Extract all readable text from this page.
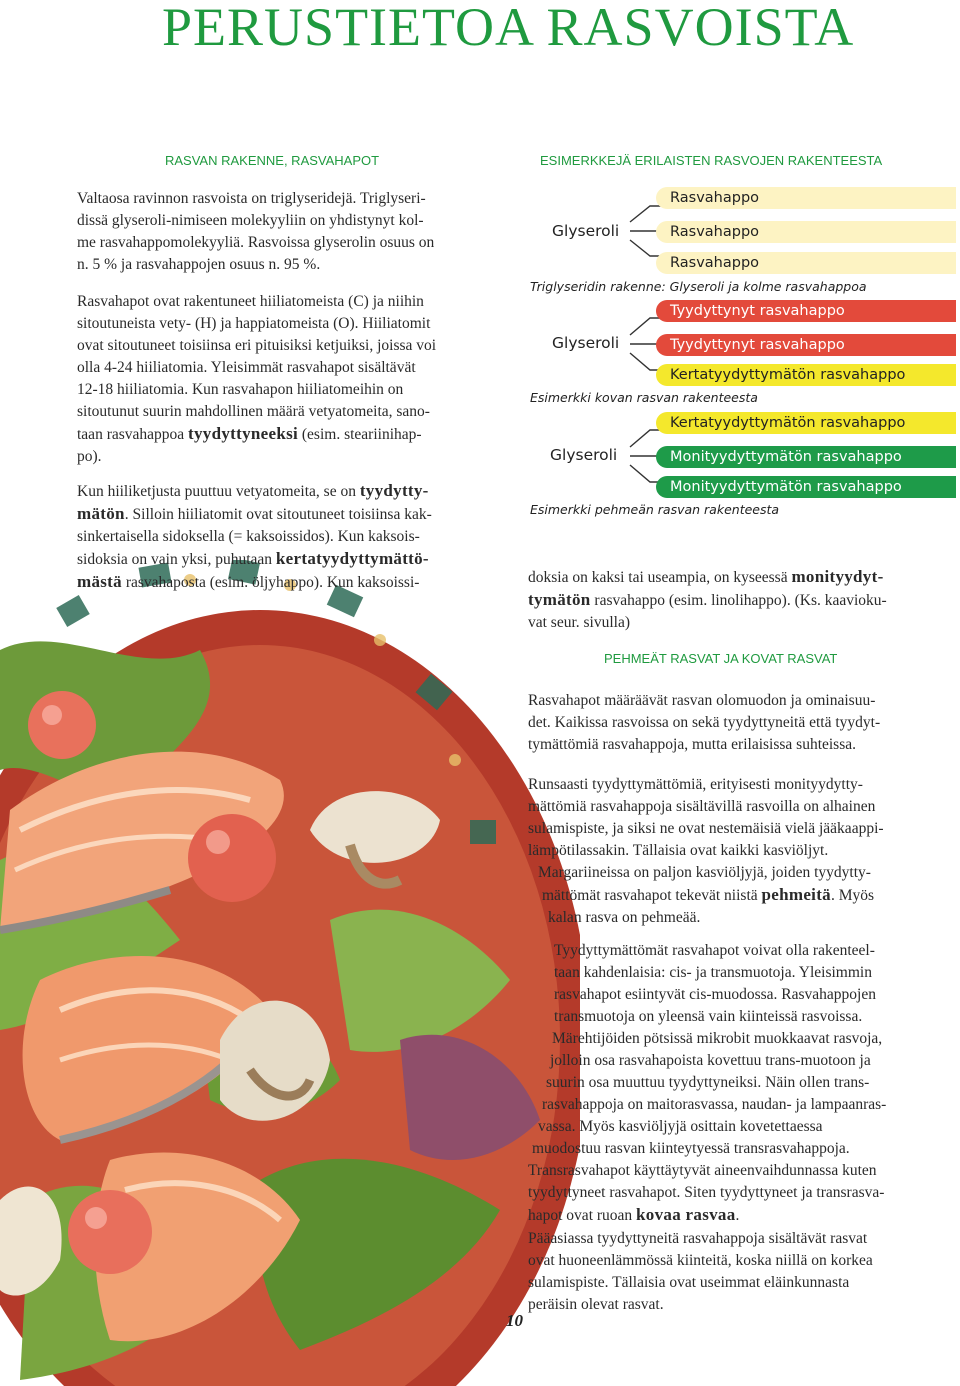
PERUSTIETOA RASVOISTA
RASVAN RAKENNE, RASVAHAPOT
Valtaosa ravinnon rasvoista on triglyseridejä. Triglyseri-
dissä glyseroli-nimiseen molekyyliin on yhdistynyt kol-
me rasvahappomolekyyliä. Rasvoissa glyserolin osuus on
n. 5 % ja rasvahappojen osuus n. 95 %.
Rasvahapot ovat rakentuneet hiiliatomeista (C) ja niihin
sitoutuneista vety- (H) ja happiatomeista (O). Hiiliatomit
ovat sitoutuneet toisiinsa eri pituisiksi ketjuiksi, joissa voi
olla 4-24 hiiliatomia. Yleisimmät rasvahapot sisältävät
12-18 hiiliatomia. Kun rasvahapon hiiliatomeihin on
sitoutunut suurin mahdollinen määrä vetyatomeita, sano-
taan rasvahappoa tyydyttyneeksi (esim. steariinihap-
po).
Kun hiiliketjusta puuttuu vetyatomeita, se on tyydytty-
mätön. Silloin hiiliatomit ovat sitoutuneet toisiinsa kak-
sinkertaisella sidoksella (= kaksoissidos). Kun kaksois-
sidoksia on vain yksi, puhutaan kertatyydyttymättö-
mästä rasvahaposta (esim. öljyhappo). Kun kaksoissi-
ESIMERKKEJÄ ERILAISTEN RASVOJEN RAKENTEESTA
Glyseroli
Rasvahappo
Rasvahappo
Rasvahappo
Triglyseridin rakenne: Glyseroli ja kolme rasvahappoa
Glyseroli
Tyydyttynyt rasvahappo
Tyydyttynyt rasvahappo
Kertatyydyttymätön rasvahappo
Esimerkki kovan rasvan rakenteesta
Glyseroli
Kertatyydyttymätön rasvahappo
Monityydyttymätön rasvahappo
Monityydyttymätön rasvahappo
Esimerkki pehmeän rasvan rakenteesta
doksia on kaksi tai useampia, on kyseessä monityydyt-
tymätön rasvahappo (esim. linolihappo). (Ks. kaavioku-
vat seur. sivulla)
PEHMEÄT RASVAT JA KOVAT RASVAT
Rasvahapot määräävät rasvan olomuodon ja ominaisuu-
det. Kaikissa rasvoissa on sekä tyydyttyneitä että tyydyt-
tymättömiä rasvahappoja, mutta erilaisissa suhteissa.
Runsaasti tyydyttymättömiä, erityisesti monityydytty-
mättömiä rasvahappoja sisältävillä rasvoilla on alhainen
sulamispiste, ja siksi ne ovat nestemäisiä vielä jääkaappi-
lämpötilassakin. Tällaisia ovat kaikki kasviöljyt.
Margariineissa on paljon kasviöljyjä, joiden tyydytty-
mättömät rasvahapot tekevät niistä pehmeitä. Myös
kalan rasva on pehmeää.
Tyydyttymättömät rasvahapot voivat olla rakenteel-
taan kahdenlaisia: cis- ja transmuotoja. Yleisimmin
rasvahapot esiintyvät cis-muodossa. Rasvahappojen
transmuotoja on yleensä vain kiinteissä rasvoissa.
Märehtijöiden pötsissä mikrobit muokkaavat rasvoja,
jolloin osa rasvahapoista kovettuu trans-muotoon ja
suurin osa muuttuu tyydyttyneiksi. Näin ollen trans-
rasvahappoja on maitorasvassa, naudan- ja lampaanras-
vassa. Myös kasviöljyjä osittain kovetettaessa
muodostuu rasvan kiinteytyessä transrasvahappoja.
Transrasvahapot käyttäytyvät aineenvaihdunnassa kuten
tyydyttyneet rasvahapot. Siten tyydyttyneet ja transrasva-
hapot ovat ruoan kovaa rasvaa.
Pääasiassa tyydyttyneitä rasvahappoja sisältävät rasvat
ovat huoneenlämmössä kiinteitä, koska niillä on korkea
sulamispiste. Tällaisia ovat useimmat eläinkunnasta
peräisin olevat rasvat.
10
